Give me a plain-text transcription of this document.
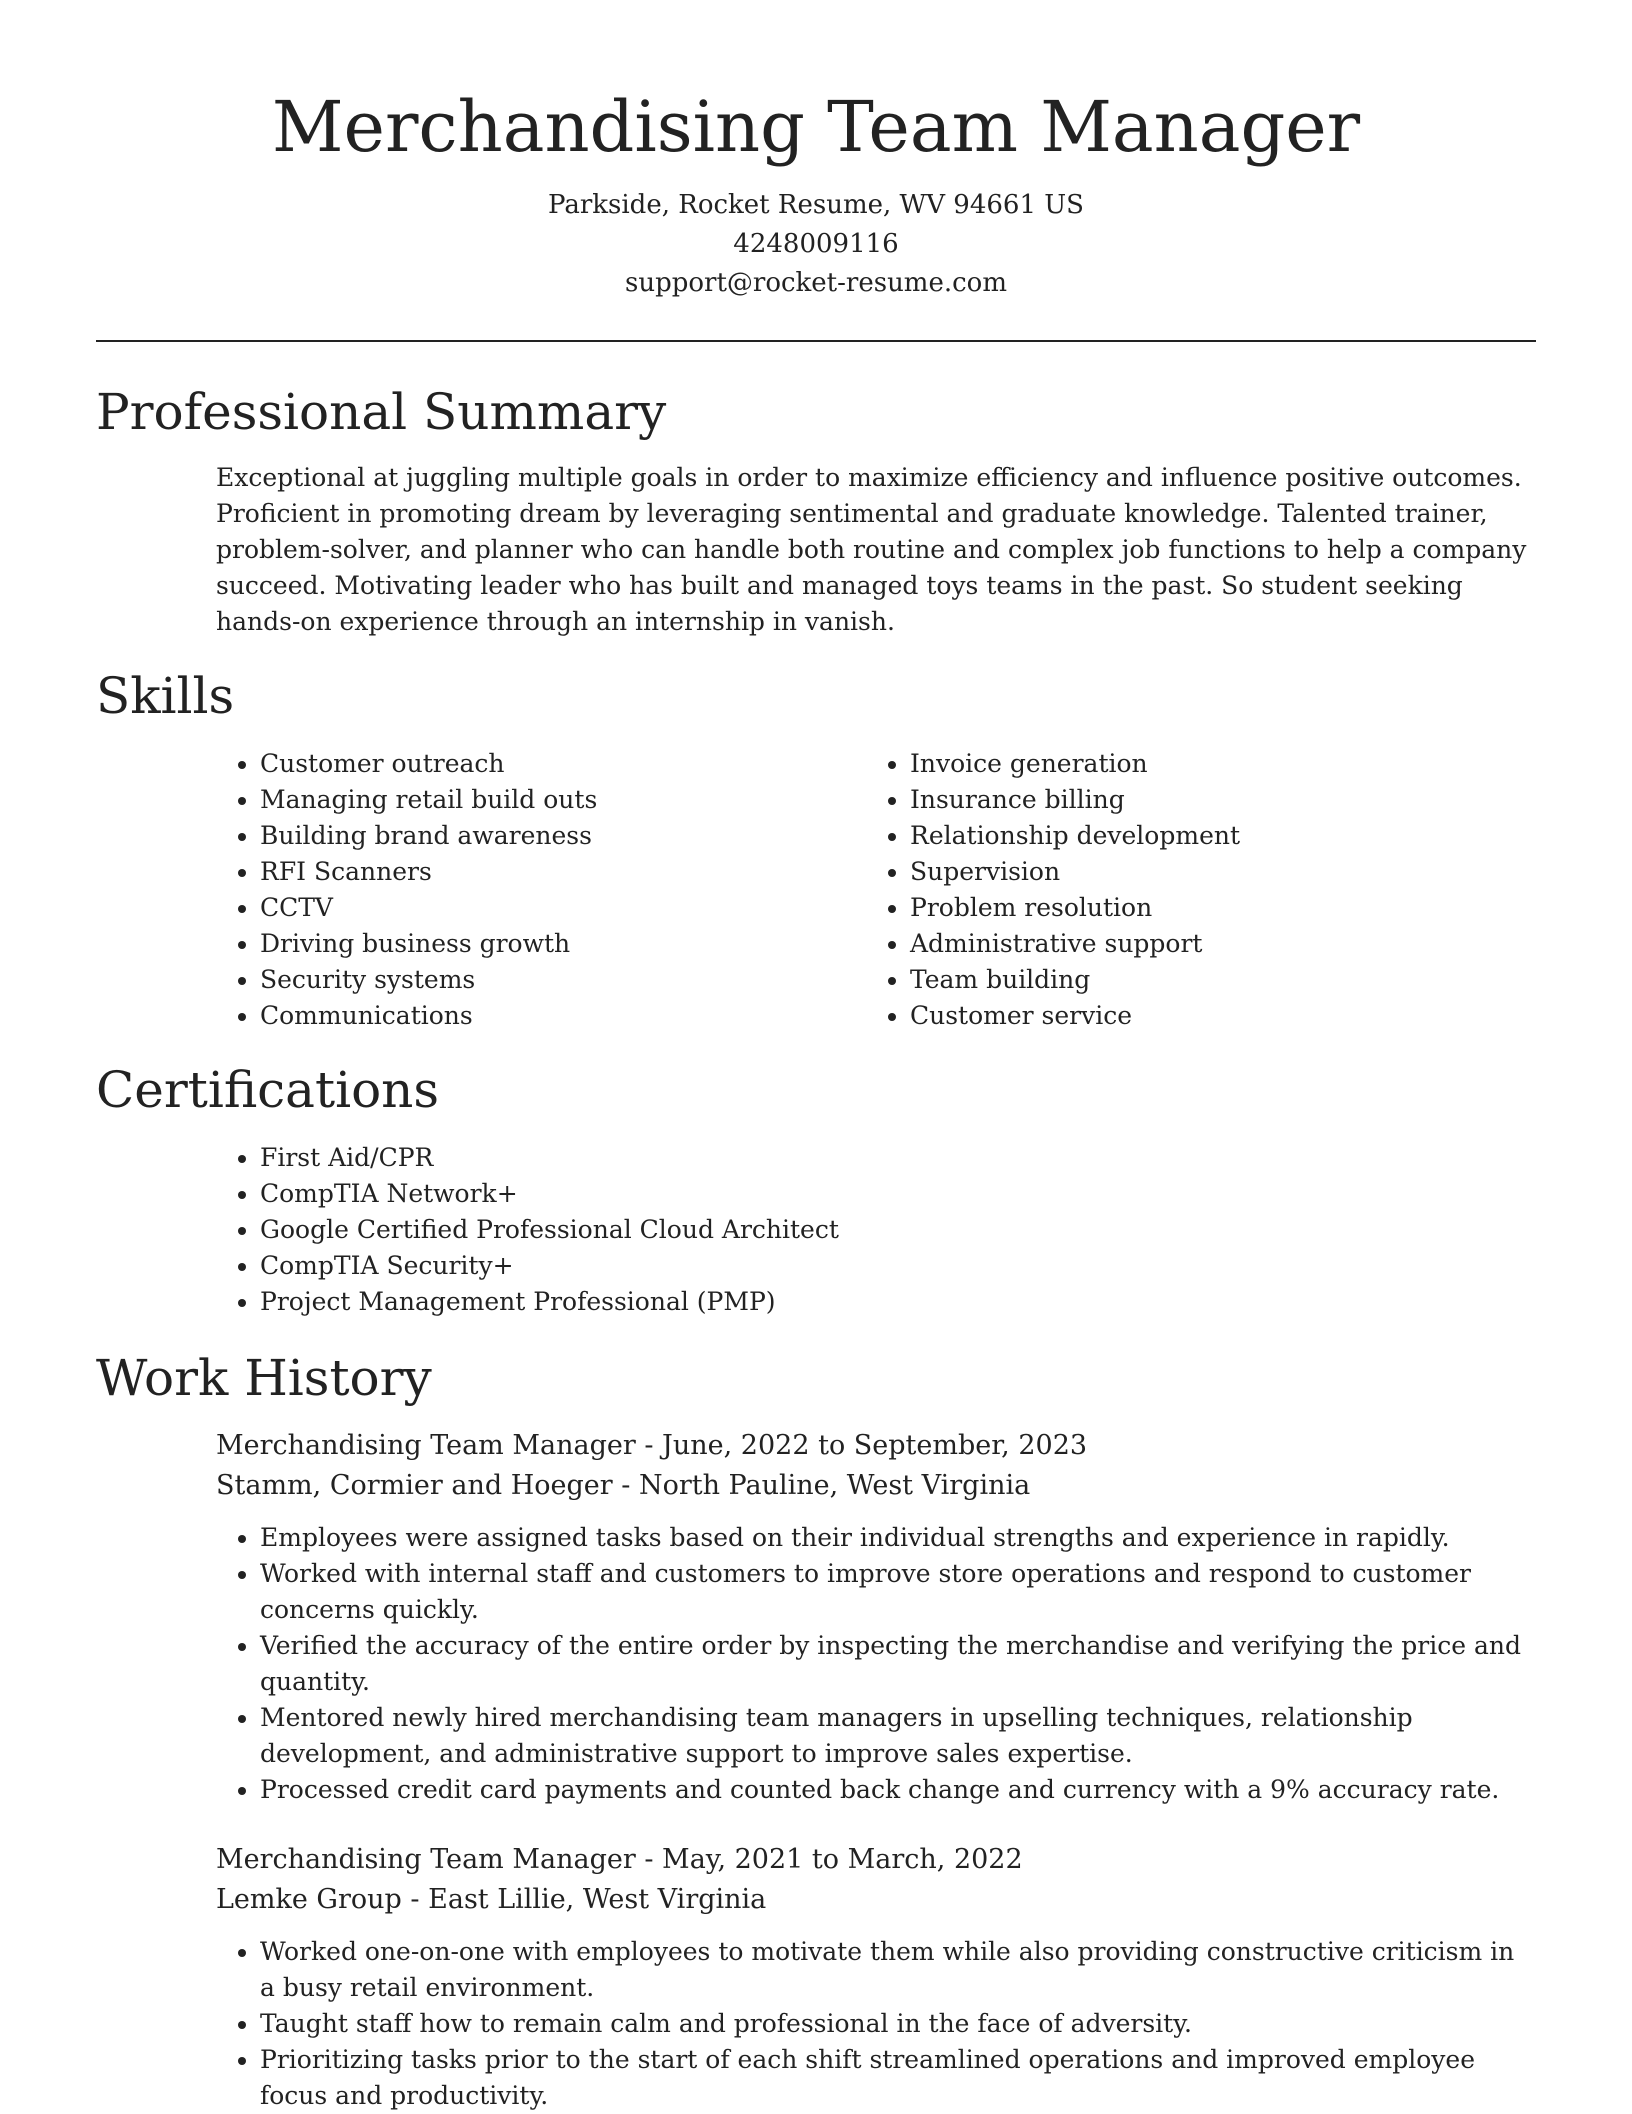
Merchandising Team Manager
Parkside, Rocket Resume, WV 94661 US
4248009116
support@rocket-resume.com
Professional Summary
Exceptional at juggling multiple goals in order to maximize efficiency and influence positive outcomes. Proficient in promoting dream by leveraging sentimental and graduate knowledge. Talented trainer, problem-solver, and planner who can handle both routine and complex job functions to help a company succeed. Motivating leader who has built and managed toys teams in the past. So student seeking hands-on experience through an internship in vanish.
Skills
• Customer outreach
• Managing retail build outs
• Building brand awareness
• RFI Scanners
• CCTV
• Driving business growth
• Security systems
• Communications
• Invoice generation
• Insurance billing
• Relationship development
• Supervision
• Problem resolution
• Administrative support
• Team building
• Customer service
Certifications
• First Aid/CPR
• CompTIA Network+
• Google Certified Professional Cloud Architect
• CompTIA Security+
• Project Management Professional (PMP)
Work History
Merchandising Team Manager - June, 2022 to September, 2023
Stamm, Cormier and Hoeger - North Pauline, West Virginia
• Employees were assigned tasks based on their individual strengths and experience in rapidly.
• Worked with internal staff and customers to improve store operations and respond to customer concerns quickly.
• Verified the accuracy of the entire order by inspecting the merchandise and verifying the price and quantity.
• Mentored newly hired merchandising team managers in upselling techniques, relationship development, and administrative support to improve sales expertise.
• Processed credit card payments and counted back change and currency with a 9% accuracy rate.
Merchandising Team Manager - May, 2021 to March, 2022
Lemke Group - East Lillie, West Virginia
• Worked one-on-one with employees to motivate them while also providing constructive criticism in a busy retail environment.
• Taught staff how to remain calm and professional in the face of adversity.
• Prioritizing tasks prior to the start of each shift streamlined operations and improved employee focus and productivity.
